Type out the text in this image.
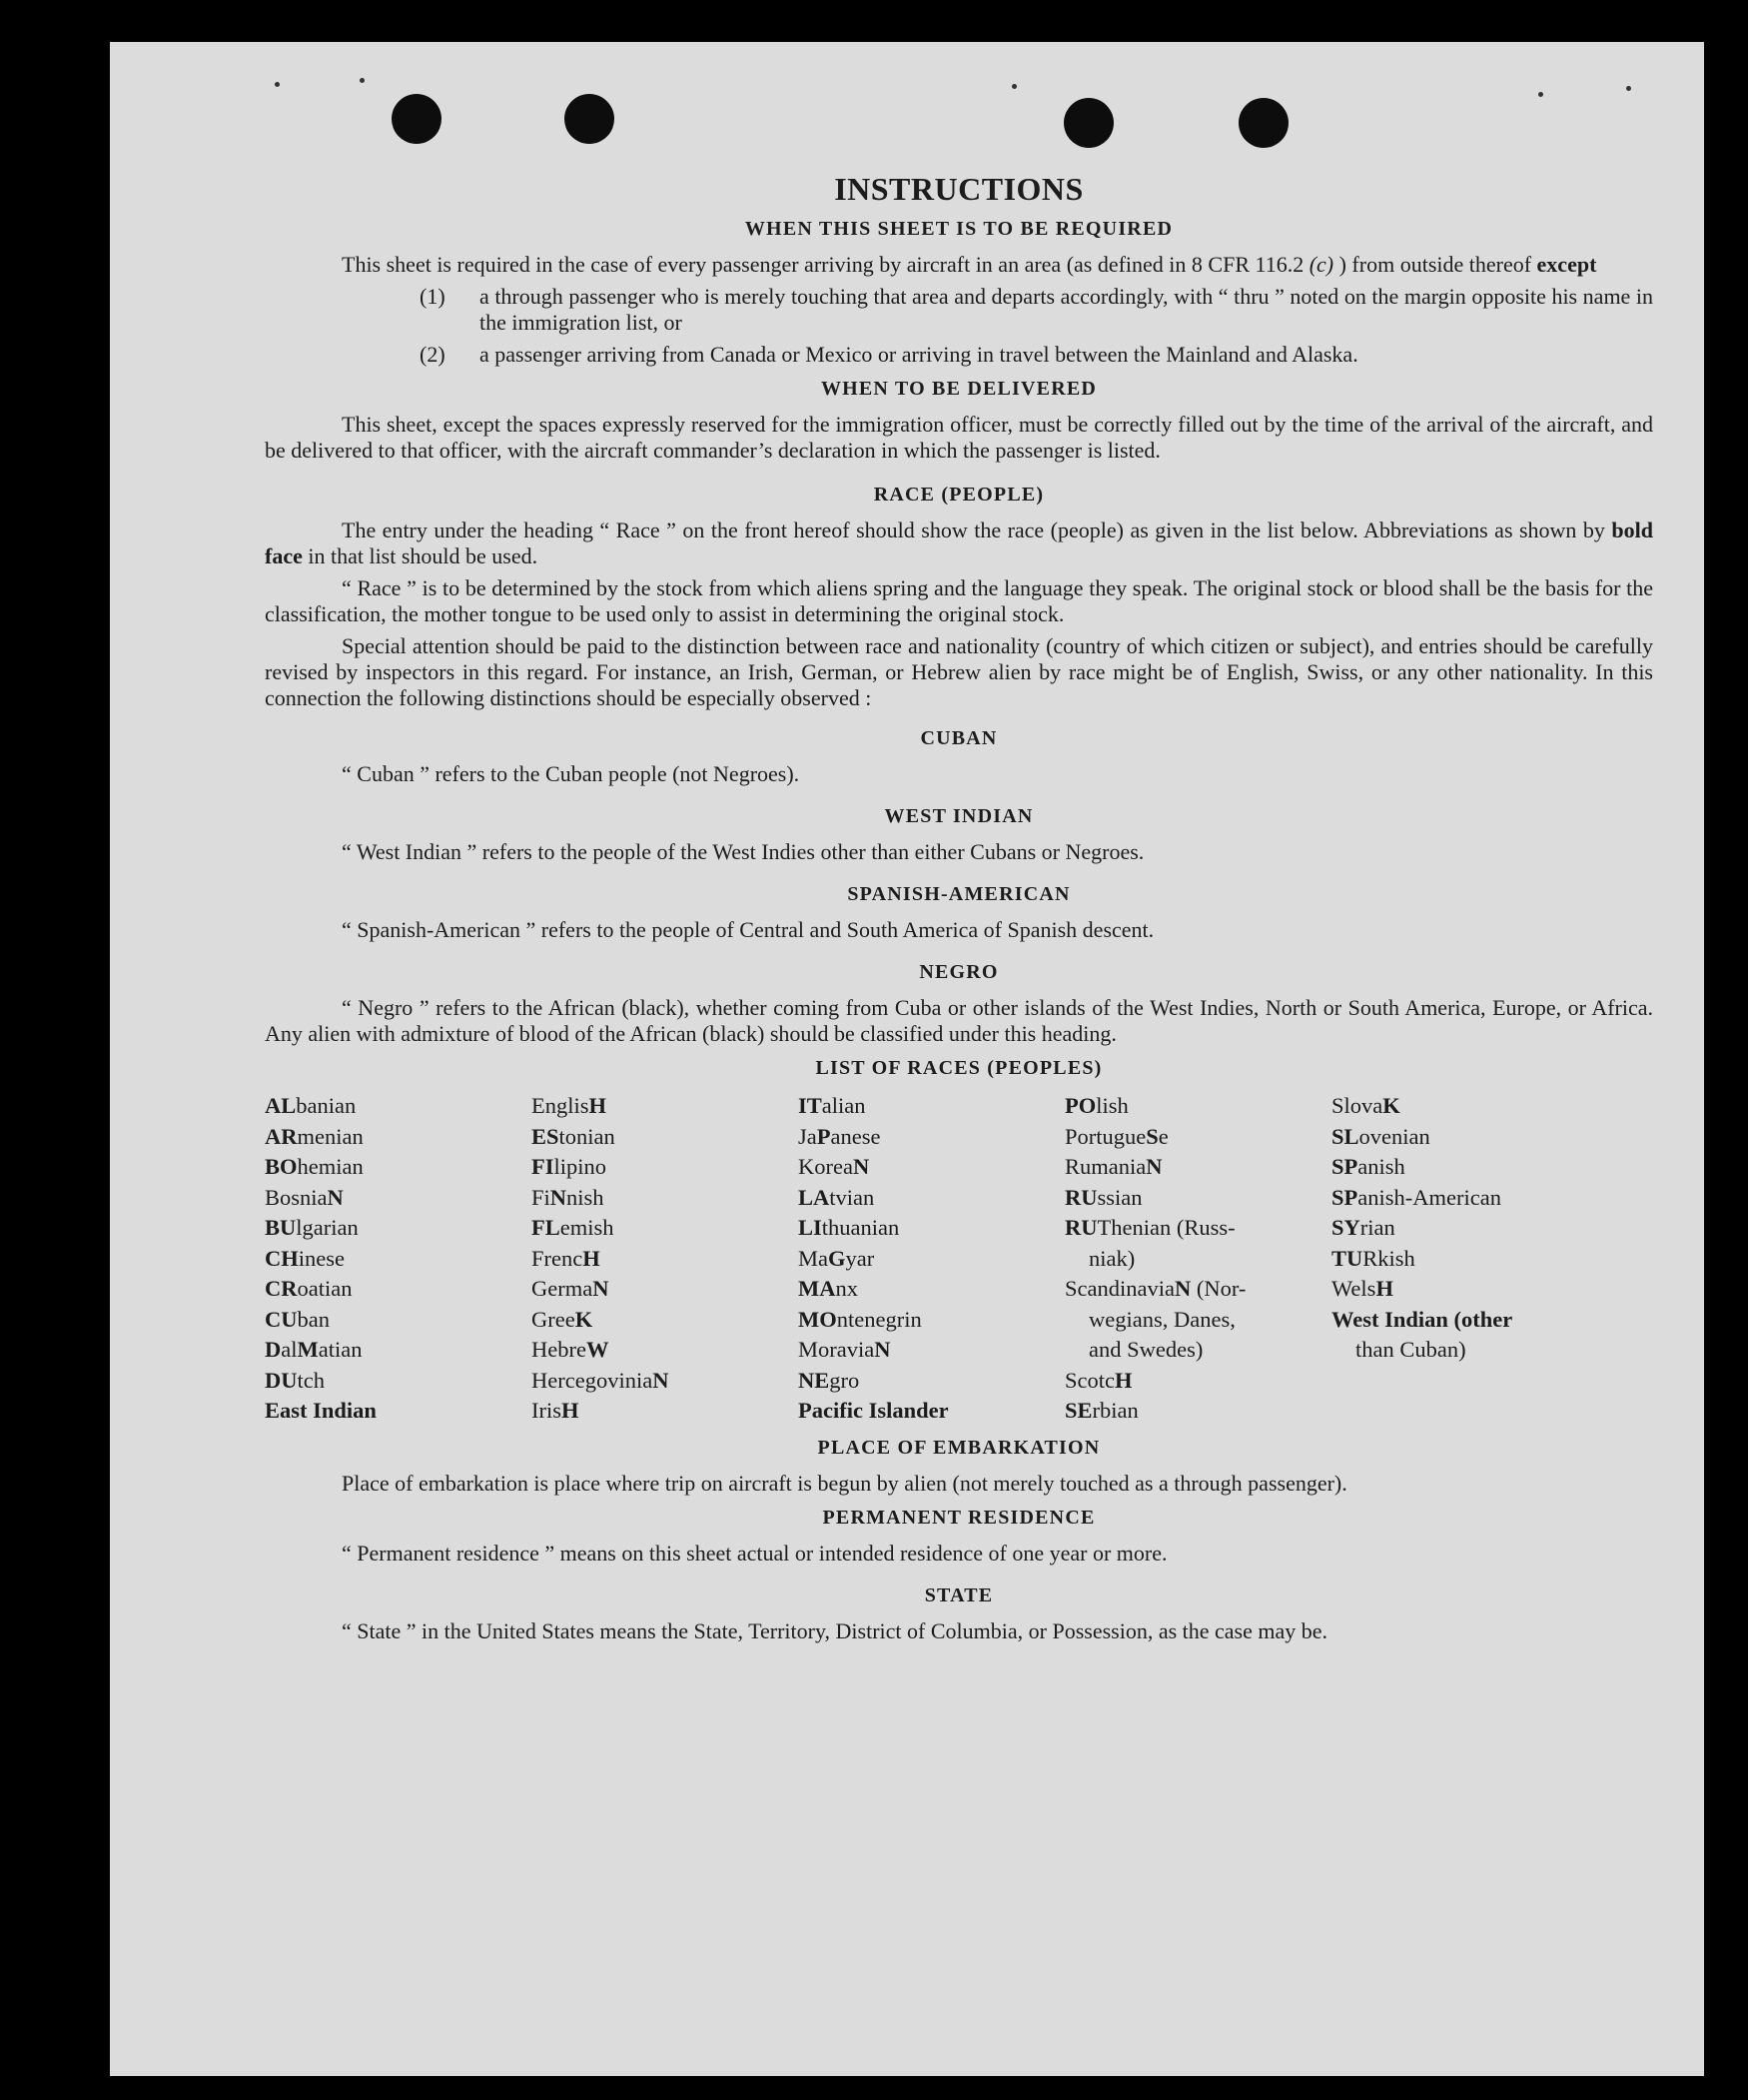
INSTRUCTIONS
WHEN THIS SHEET IS TO BE REQUIRED

This sheet is required in the case of every passenger arriving by aircraft in an area (as defined in 8 CFR 116.2 (c) ) from outside thereof except

(1)	a through passenger who is merely touching that area and departs accordingly, with “ thru ” noted on the margin opposite his name in the immigration list, or
(2)	a passenger arriving from Canada or Mexico or arriving in travel between the Mainland and Alaska.
WHEN TO BE DELIVERED

This sheet, except the spaces expressly reserved for the immigration officer, must be correctly filled out by the time of the arrival of the aircraft, and be delivered to that officer, with the aircraft commander’s declaration in which the passenger is listed.

RACE (PEOPLE)

The entry under the heading “ Race ” on the front hereof should show the race (people) as given in the list below. Abbreviations as shown by bold face in that list should be used.

“ Race ” is to be determined by the stock from which aliens spring and the language they speak. The original stock or blood shall be the basis for the classification, the mother tongue to be used only to assist in determining the original stock.

Special attention should be paid to the distinction between race and nationality (country of which citizen or subject), and entries should be carefully revised by inspectors in this regard. For instance, an Irish, German, or Hebrew alien by race might be of English, Swiss, or any other nationality. In this connection the following distinctions should be especially observed :

CUBAN

“ Cuban ” refers to the Cuban people (not Negroes).

WEST INDIAN

“ West Indian ” refers to the people of the West Indies other than either Cubans or Negroes.

SPANISH-AMERICAN

“ Spanish-American ” refers to the people of Central and South America of Spanish descent.

NEGRO

“ Negro ” refers to the African (black), whether coming from Cuba or other islands of the West Indies, North or South America, Europe, or Africa. Any alien with admixture of blood of the African (black) should be classified under this heading.

LIST OF RACES (PEOPLES)
ALbanian
ARmenian
BOhemian
BosniaN
BUlgarian
CHinese
CRoatian
CUban
DalMatian
DUtch
East Indian
EnglisH
EStonian
FIlipino
FiNnish
FLemish
FrencH
GermaN
GreeK
HebreW
HercegoviniaN
IrisH
ITalian
JaPanese
KoreaN
LAtvian
LIthuanian
MaGyar
MAnx
MOntenegrin
MoraviaN
NEgro
Pacific Islander
POlish
PortugueSe
RumaniaN
RUssian
RUThenian (Russ-
niak)
ScandinaviaN (Nor-
wegians, Danes,
and Swedes)
ScotcH
SErbian
SlovaK
SLovenian
SPanish
SPanish-American
SYrian
TURkish
WelsH
West Indian (other
than Cuban)
PLACE OF EMBARKATION

Place of embarkation is place where trip on aircraft is begun by alien (not merely touched as a through passenger).

PERMANENT RESIDENCE

“ Permanent residence ” means on this sheet actual or intended residence of one year or more.

STATE

“ State ” in the United States means the State, Territory, District of Columbia, or Possession, as the case may be.
